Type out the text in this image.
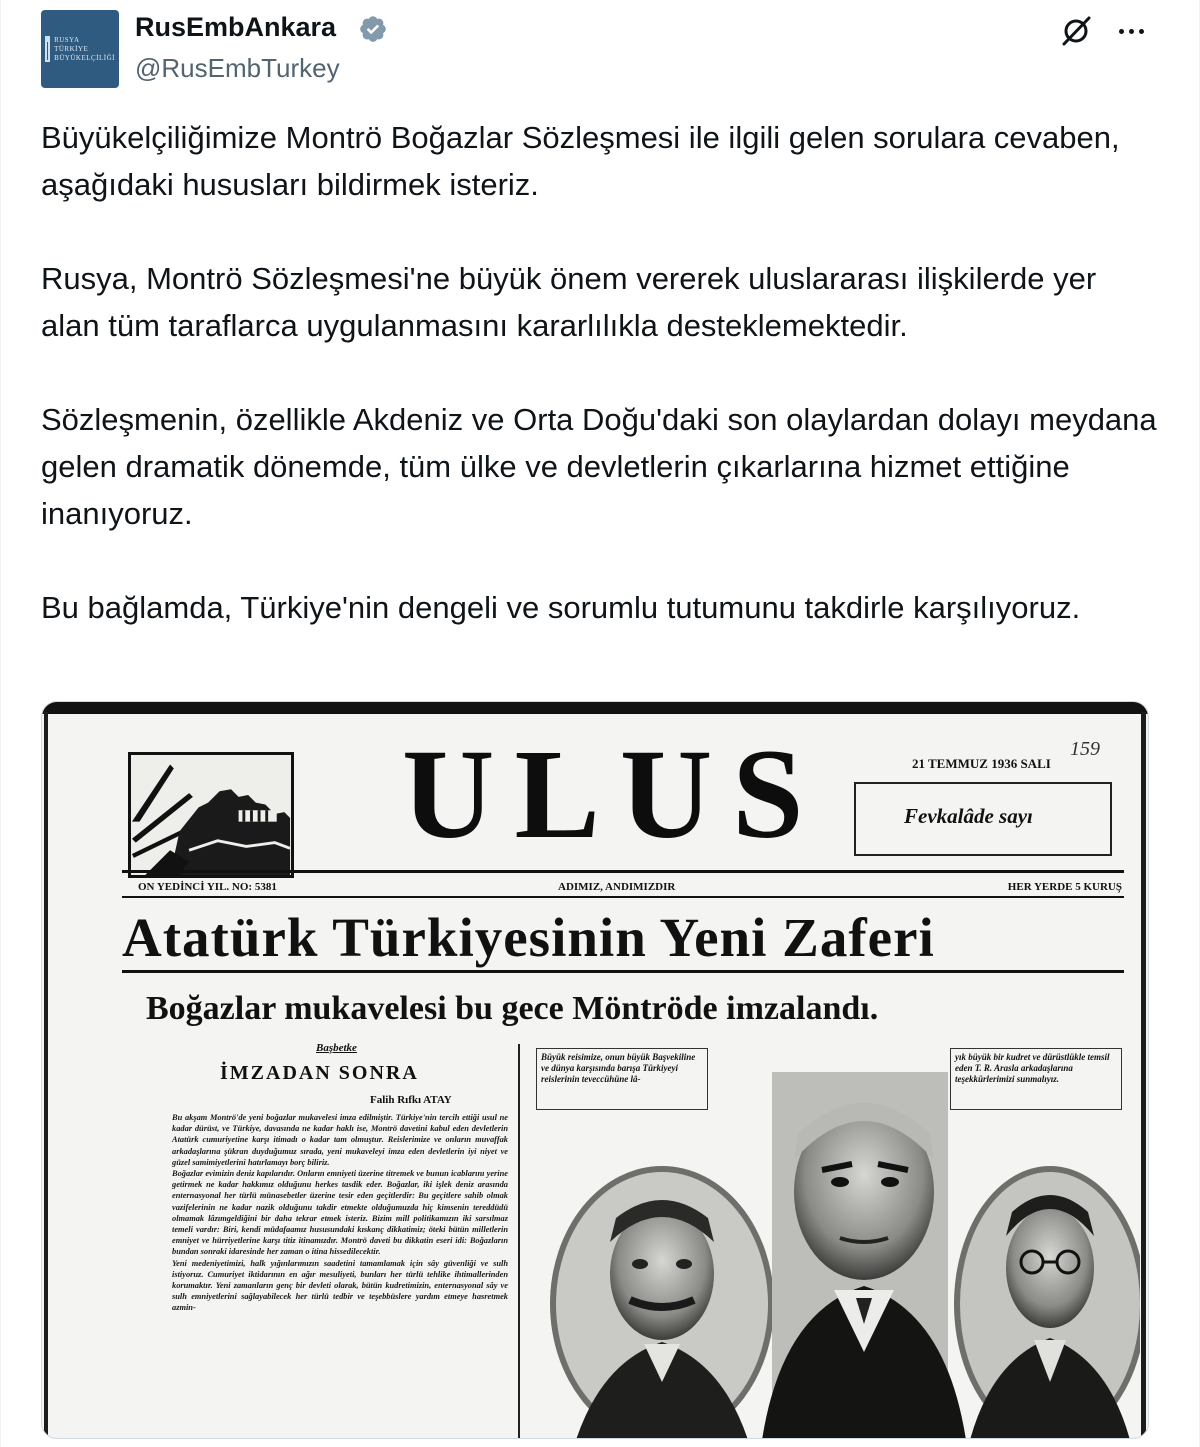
RUSYA
TÜRKİYE
BÜYÜKELÇİLİĞİ
RusEmbAnkara
@RusEmbTurkey

Büyükelçiliğimize Montrö Boğazlar Sözleşmesi ile ilgili gelen sorulara cevaben, aşağıdaki hususları bildirmek isteriz.

Rusya, Montrö Sözleşmesi'ne büyük önem vererek uluslararası ilişkilerde yer alan tüm taraflarca uygulanmasını kararlılıkla desteklemektedir.

Sözleşmenin, özellikle Akdeniz ve Orta Doğu'daki son olaylardan dolayı meydana gelen dramatik dönemde, tüm ülke ve devletlerin çıkarlarına hizmet ettiğine inanıyoruz.

Bu bağlamda, Türkiye'nin dengeli ve sorumlu tutumunu takdirle karşılıyoruz.

ULUS	21 TEMMUZ 1936 SALI
159
Fevkalâde sayı
ON YEDİNCİ YIL. NO: 5381	ADIMIZ, ANDIMIZDIR	HER YERDE 5 KURUŞ
Atatürk Türkiyesinin Yeni Zaferi
Boğazlar mukavelesi bu gece Möntröde imzalandı.
Başbetke
İMZADAN SONRA
Falih Rıfkı ATAY

Bu akşam Montrö'de yeni boğazlar mukavelesi imza edilmiştir. Türkiye'nin tercih ettiği usul ne kadar dürüst, ve Türkiye, davasında ne kadar haklı ise, Montrö davetini kabul eden devletlerin Atatürk cumuriyetine karşı itimadı o kadar tam olmuştur. Reislerimize ve onların muvaffak arkadaşlarına şükran duyduğumuz sırada, yeni mukaveleyi imza eden devletlerin iyi niyet ve güzel samimiyetlerini hatırlamayı borç biliriz.

Boğazlar evimizin deniz kapılarıdır. Onların emniyeti üzerine titremek ve bunun icablarını yerine getirmek ne kadar hakkımız olduğunu herkes tasdik eder. Boğazlar, iki işlek deniz arasında enternasyonal her türlü münasebetler üzerine tesir eden geçitlerdir: Bu geçitlere sahib olmak vazifelerinin ne kadar nazik olduğunu takdir etmekte olduğumuzda hiç kimsenin tereddüdü olmamak lâzımgeldiğini bir daha tekrar etmek isteriz. Bizim mill politikamızın iki sarsılmaz temeli vardır: Biri, kendi müdafaamız hususundaki kıskanç dikkatimiz; öteki bütün milletlerin emniyet ve hürriyetlerine karşı titiz itinamızdır. Montrö daveti bu dikkatin eseri idi: Boğazların bundan sonraki idaresinde her zaman o itina hissedilecektir.

Yeni medeniyetimizi, halk yığınlarımızın saadetini tamamlamak için sây güvenliği ve sulh istiyoruz. Cumuriyet iktidarının en ağır mesuliyeti, bunları her türlü tehlike ihtimallerinden korumaktır. Yeni zamanların genç bir devleti olarak, bütün kudretimizin, enternasyonal sây ve sulh emniyetlerini sağlayabilecek her türlü tedbir ve teşebbüslere yardım etmeye hasretmek azmin-

Büyük reisimize, onun büyük Başvekiline ve dünya karşısında barışa Türkiyeyi reislerinin teveccühüne lâ-
yık büyük bir kudret ve dürüstlükle temsil eden T. R. Arasla arkadaşlarına teşekkürlerimizi sunmalıyız.
